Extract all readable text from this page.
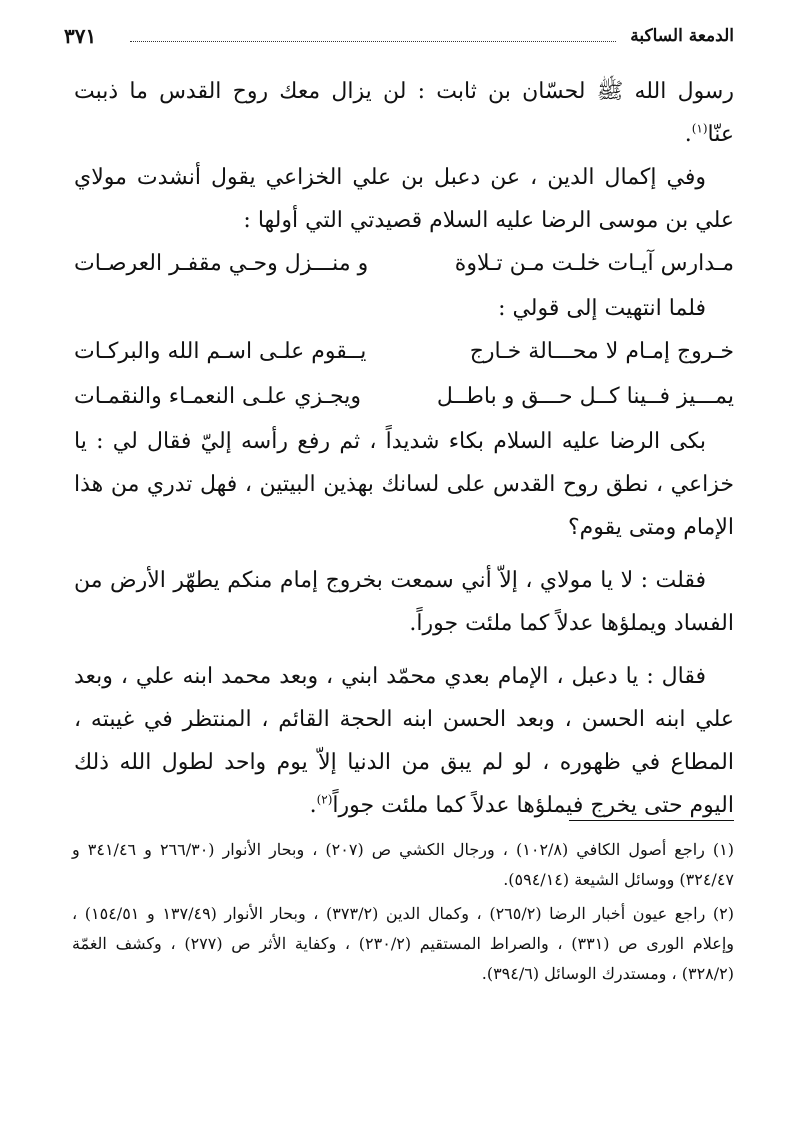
الدمعة الساكبة
٣٧١

رسول الله ﷺ لحسّان بن ثابت : لن يزال معك روح القدس ما ذببت عنّا$^{(١)}$.

وفي إكمال الدين ، عن دعبل بن علي الخزاعي يقول أنشدت مولاي علي بن موسى الرضا عليه السلام قصيدتي التي أولها :

مـدارس آيـات خلـت مـن تـلاوة
و منـــزل وحـي مقفـر العرصـات

فلما انتهيت إلى قولي :

خـروج إمـام لا محـــالة خـارج
يــقوم علـى اسـم الله والبركـات
يمـــيز فــينا كــل حـــق و باطــل
ويجـزي علـى النعمـاء والنقمـات

بكى الرضا عليه السلام بكاء شديداً ، ثم رفع رأسه إليّ فقال لي : يا خزاعي ، نطق روح القدس على لسانك بهذين البيتين ، فهل تدري من هذا الإمام ومتى يقوم؟

فقلت : لا يا مولاي ، إلاّ أني سمعت بخروج إمام منكم يطهّر الأرض من الفساد ويملؤها عدلاً كما ملئت جوراً.

فقال : يا دعبل ، الإمام بعدي محمّد ابني ، وبعد محمد ابنه علي ، وبعد علي ابنه الحسن ، وبعد الحسن ابنه الحجة القائم ، المنتظر في غيبته ، المطاع في ظهوره ، لو لم يبق من الدنيا إلاّ يوم واحد لطول الله ذلك اليوم حتى يخرج فيملؤها عدلاً كما ملئت جوراً$^{(٢)}$.

(١) راجع أصول الكافي (١٠٢/٨) ، ورجال الكشي ص (٢٠٧) ، وبحار الأنوار (٢٦٦/٣٠ و ٣٤١/٤٦ و ٣٢٤/٤٧) ووسائل الشيعة (٥٩٤/١٤).

(٢) راجع عيون أخبار الرضا (٢٦٥/٢) ، وكمال الدين (٣٧٣/٢) ، وبحار الأنوار (١٣٧/٤٩ و ١٥٤/٥١) ، وإعلام الورى ص (٣٣١) ، والصراط المستقيم (٢٣٠/٢) ، وكفاية الأثر ص (٢٧٧) ، وكشف الغمّة (٣٢٨/٢) ، ومستدرك الوسائل (٣٩٤/٦).
